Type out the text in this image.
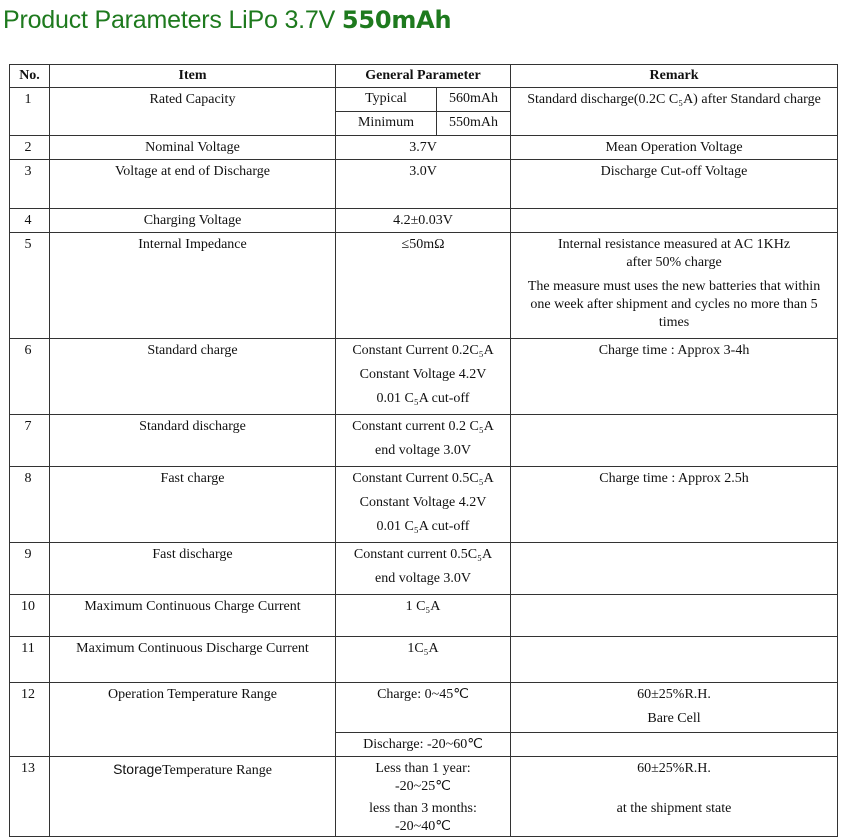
Product Parameters LiPo 3.7V 550mAh
No.	Item	General Parameter		Remark
1	Rated Capacity	Typical	560mAh	Standard discharge(0.2C C₅A) after Standard charge
		Minimum	550mAh	
2	Nominal Voltage	3.7V		Mean Operation Voltage
3	Voltage at end of Discharge	3.0V		Discharge Cut-off Voltage
4	Charging Voltage	4.2±0.03V		
5	Internal Impedance	≤50mΩ		Internal resistance measured at AC 1KHz after 50% charge
The measure must uses the new batteries that within one week after shipment and cycles no more than 5 times

6	Standard charge	Constant Current 0.2C₅A
Constant Voltage 4.2V
0.01 C₅A cut-off		Charge time : Approx 3-4h
7	Standard discharge	Constant current 0.2 C₅A
end voltage 3.0V		

8	Fast charge	Constant Current 0.5C₅A
Constant Voltage 4.2V
0.01 C₅A cut-off		Charge time : Approx 2.5h
9	Fast discharge	Constant current 0.5C₅A
end voltage 3.0V		

10	Maximum Continuous Charge Current	1 C₅A		
11	Maximum Continuous Discharge Current	1C₅A		
12	Operation Temperature Range	Charge: 0~45℃		60±25%R.H.
Bare Cell

		Discharge: -20~60℃		
13	StorageTemperature Range	Less than 1 year: -20~25℃
less than 3 months: -20~40℃		60±25%R.H.
at the shipment state
